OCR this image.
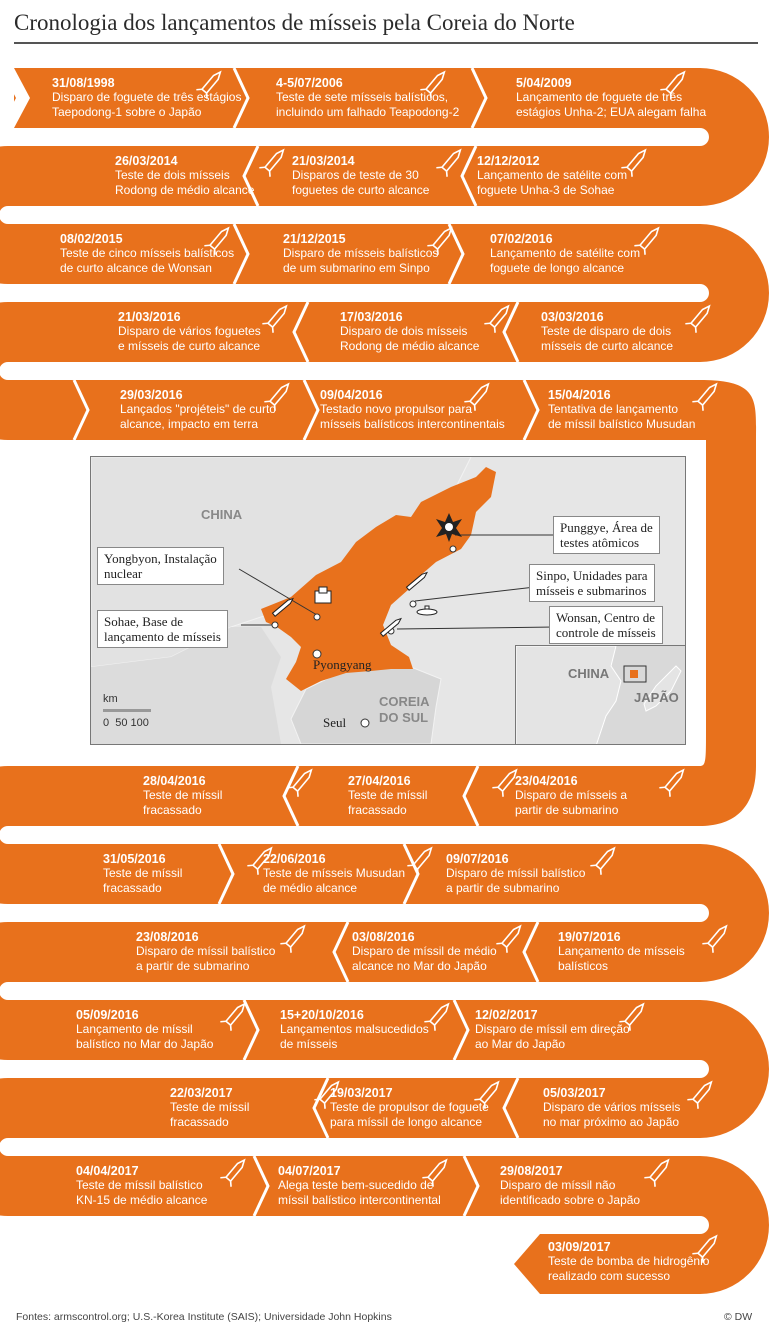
Cronologia dos lançamentos de mísseis pela Coreia do Norte
31/08/1998
Disparo de foguete de três estágios
Taepodong-1 sobre o Japão
4-5/07/2006
Teste de sete mísseis balísticos,
incluindo um falhado Teapodong-2
5/04/2009
Lançamento de foguete de três
estágios Unha-2; EUA alegam falha
12/12/2012
Lançamento de satélite com
foguete Unha-3 de Sohae
21/03/2014
Disparos de teste de 30
foguetes de curto alcance
26/03/2014
Teste de dois mísseis
Rodong de médio alcance
08/02/2015
Teste de cinco mísseis balísticos
de curto alcance de Wonsan
21/12/2015
Disparo de mísseis balísticos
de um submarino em Sinpo
07/02/2016
Lançamento de satélite com
foguete de longo alcance
03/03/2016
Teste de disparo de dois
mísseis de curto alcance
17/03/2016
Disparo de dois mísseis
Rodong de médio alcance
21/03/2016
Disparo de vários foguetes
e mísseis de curto alcance
29/03/2016
Lançados "projéteis" de curto
alcance, impacto em terra
09/04/2016
Testado novo propulsor para
mísseis balísticos intercontinentais
15/04/2016
Tentativa de lançamento
de míssil balístico Musudan
23/04/2016
Disparo de mísseis a
partir de submarino
27/04/2016
Teste de míssil
fracassado
28/04/2016
Teste de míssil
fracassado
31/05/2016
Teste de míssil
fracassado
22/06/2016
Teste de mísseis Musudan
de médio alcance
09/07/2016
Disparo de míssil balístico
a partir de submarino
19/07/2016
Lançamento de mísseis
balísticos
03/08/2016
Disparo de míssil de médio
alcance no Mar do Japão
23/08/2016
Disparo de míssil balístico
a partir de submarino
05/09/2016
Lançamento de míssil
balístico no Mar do Japão
15+20/10/2016
Lançamentos malsucedidos
de mísseis
12/02/2017
Disparo de míssil em direção
ao Mar do Japão
05/03/2017
Disparo de vários mísseis
no mar próximo ao Japão
19/03/2017
Teste de propulsor de foguete
para míssil de longo alcance
22/03/2017
Teste de míssil
fracassado
04/04/2017
Teste de míssil balístico
KN-15 de médio alcance
04/07/2017
Alega teste bem-sucedido de
míssil balístico intercontinental
29/08/2017
Disparo de míssil não
identificado sobre o Japão
03/09/2017
Teste de bomba de hidrogênio
realizado com sucesso
CHINA
COREIA
DO SUL
Pyongyang
Seul
Yongbyon, Instalação
nuclear
Sohae, Base de
lançamento de mísseis
Punggye, Área de
testes atômicos
Sinpo, Unidades para
mísseis e submarinos
Wonsan, Centro de
controle de mísseis
CHINA
JAPÃO
km
0  50 100
Fontes: armscontrol.org; U.S.-Korea Institute (SAIS); Universidade John Hopkins	© DW
